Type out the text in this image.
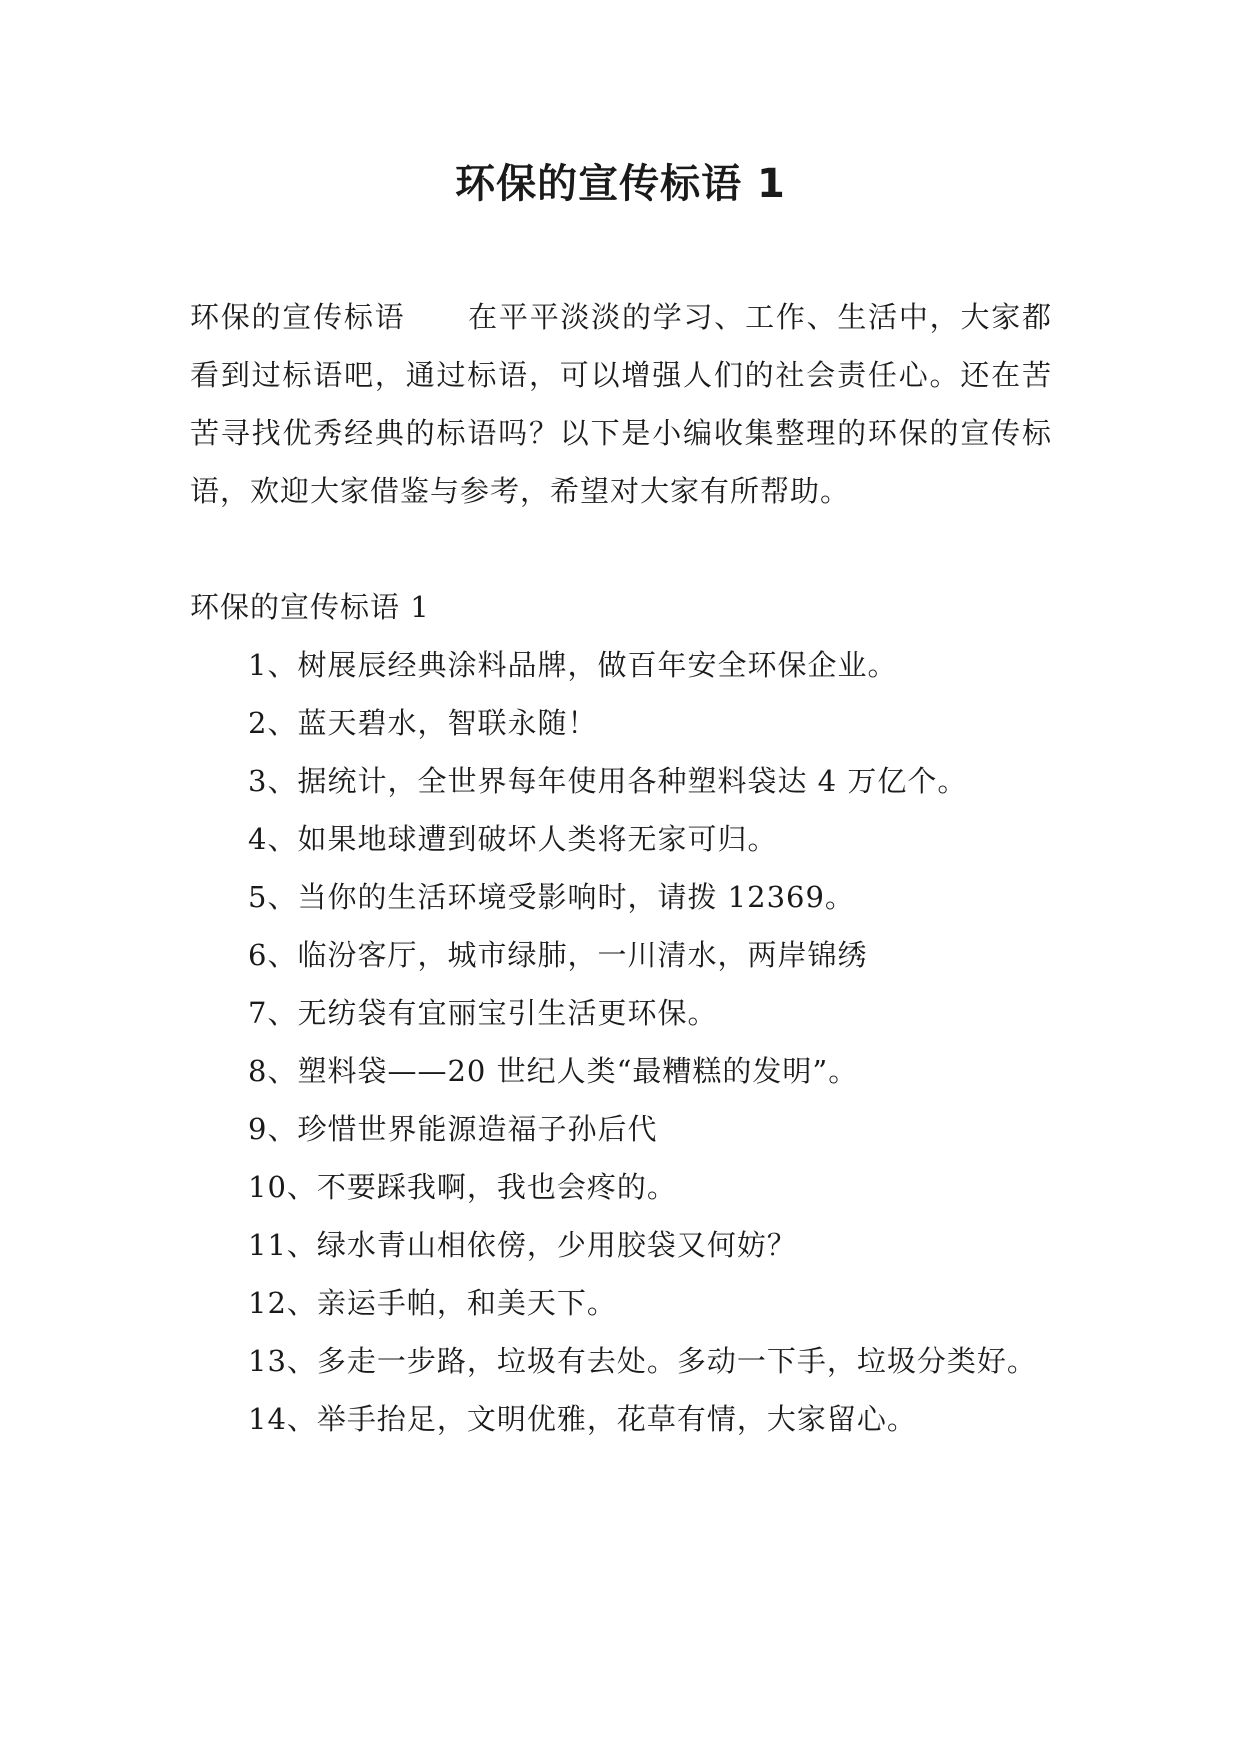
环保的宣传标语 1

环保的宣传标语 在平平淡淡的学习、工作、生活中，大家都看到过标语吧，通过标语，可以增强人们的社会责任心。还在苦苦寻找优秀经典的标语吗？以下是小编收集整理的环保的宣传标语，欢迎大家借鉴与参考，希望对大家有所帮助。

环保的宣传标语 1

1、树展辰经典涂料品牌，做百年安全环保企业。
2、蓝天碧水，智联永随！
3、据统计，全世界每年使用各种塑料袋达 4 万亿个。
4、如果地球遭到破坏人类将无家可归。
5、当你的生活环境受影响时，请拨 12369。
6、临汾客厅，城市绿肺，一川清水，两岸锦绣
7、无纺袋有宜丽宝引生活更环保。
8、塑料袋——20 世纪人类“最糟糕的发明”。
9、珍惜世界能源造福子孙后代
10、不要踩我啊，我也会疼的。
11、绿水青山相依傍，少用胶袋又何妨？
12、亲运手帕，和美天下。
13、多走一步路，垃圾有去处。多动一下手，垃圾分类好。
14、举手抬足，文明优雅，花草有情，大家留心。
